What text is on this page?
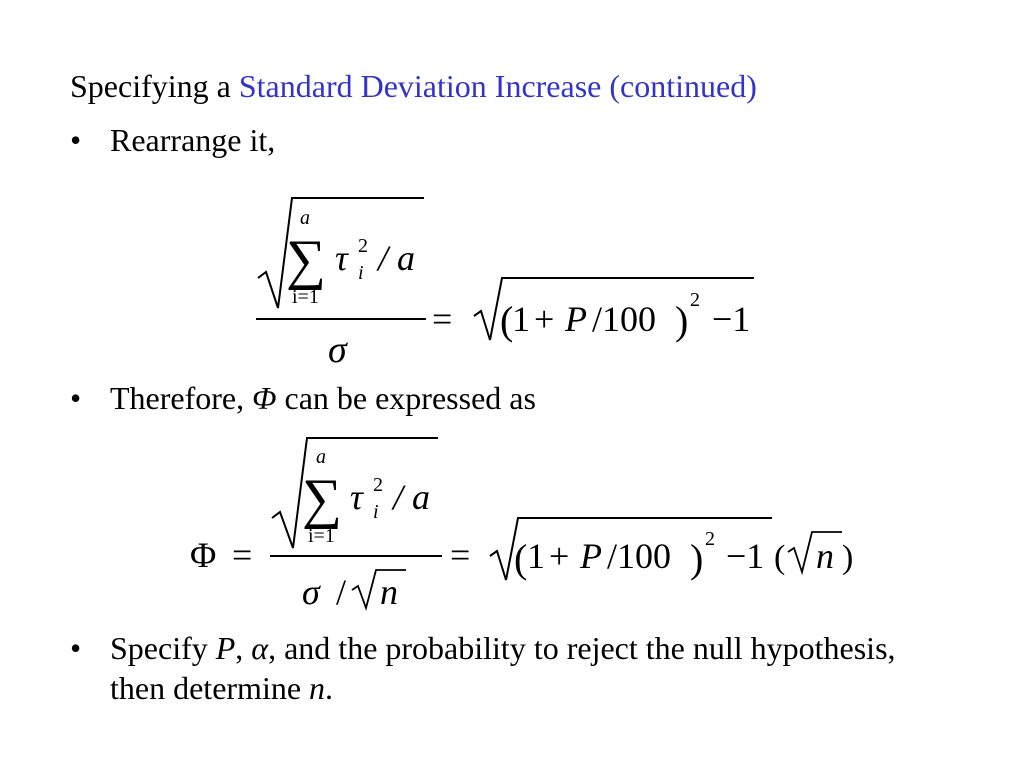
Specifying a Standard Deviation Increase (continued)
• Rearrange it,
a
∑
i=1
τ 2
i / a
σ
= (
1 + P /100 ) 2 −1
• Therefore, Φ can be expressed as
Φ =
a
∑
i=1
τ 2
i / a
σ / n
= ( 1 + P /100 ) 2 −1 ( n )
• Specify P, α, and the probability to reject the null hypothesis, then determine n.
